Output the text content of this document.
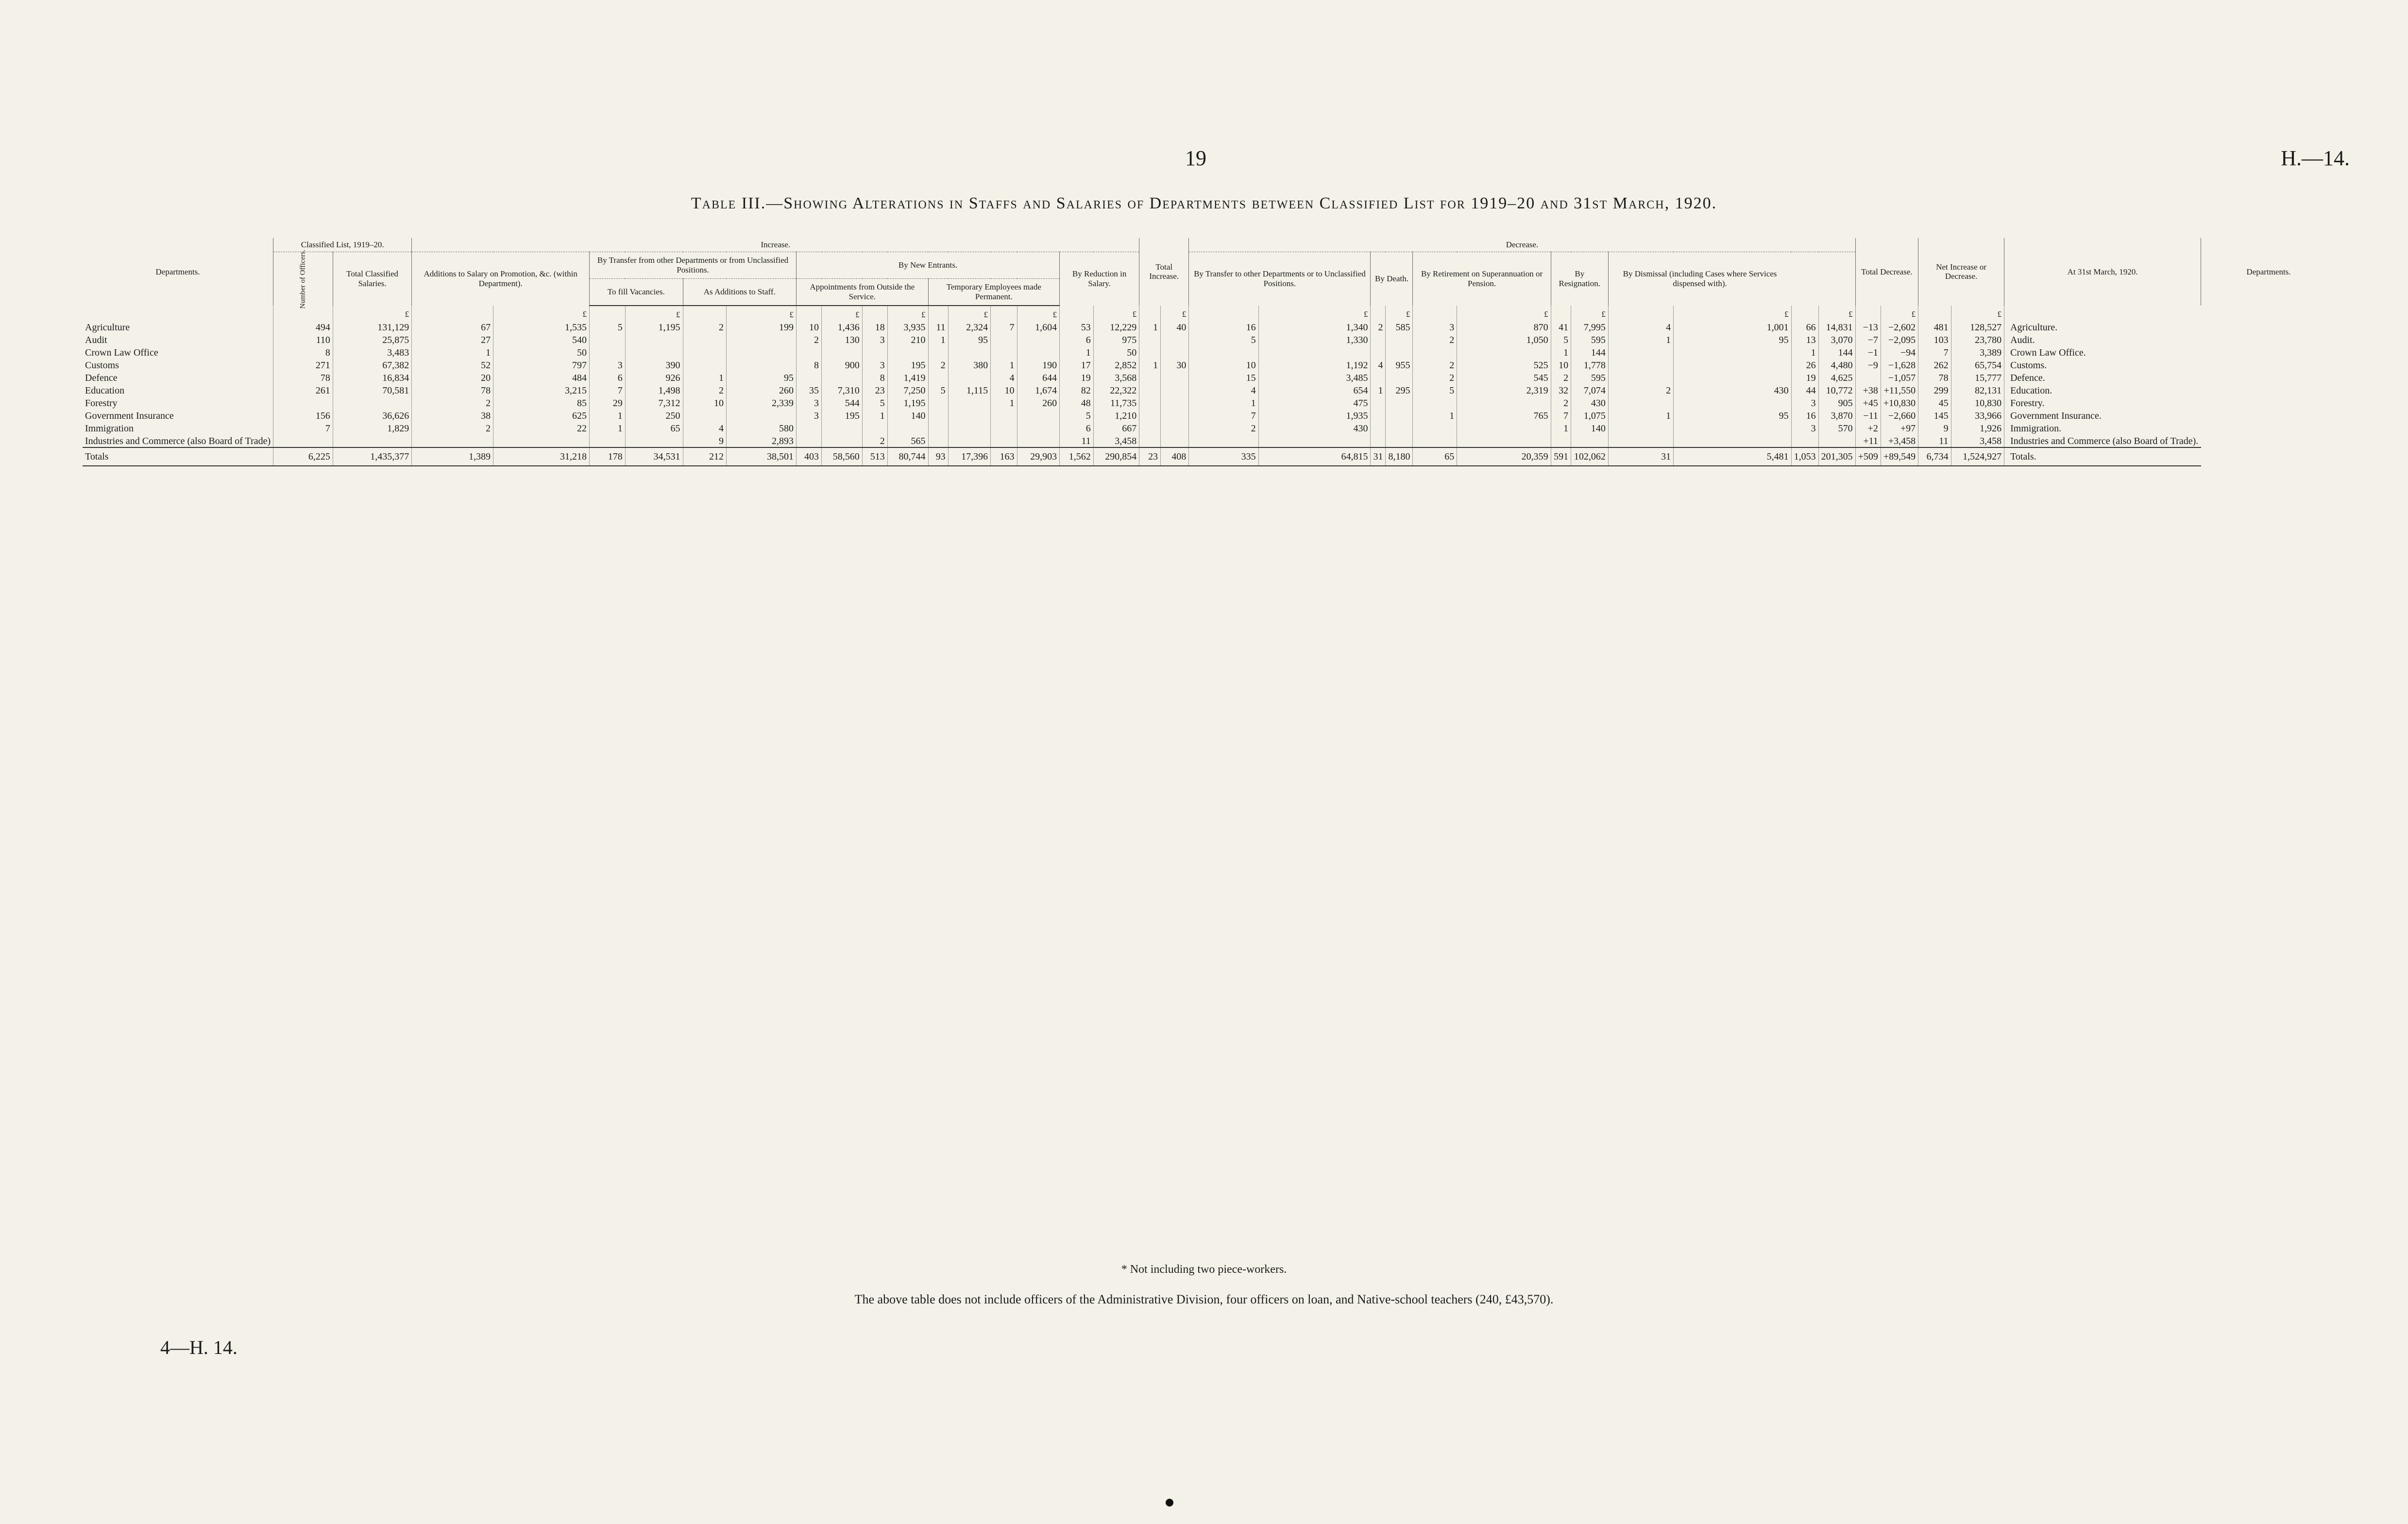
19	H.—14.
Table III.—Showing Alterations in Staffs and Salaries of Departments between Classified List for 1919–20 and 31st March, 1920.
Departments.	Classified List, 1919–20.		Increase.																Total Increase.		Decrease.												Total Decrease.		Net Increase or Decrease.		At 31st March, 1920.	Departments.
	Number of Officers.	Total Classified Salaries.	Additions to Salary on Promotion, &c. (within Department).		By Transfer from other Departments or from Unclassified Positions.				By New Entrants.								By Reduction in Salary.				By Transfer to other Departments or to Unclassified Positions.		By Death.		By Retirement on Superannuation or Pension.		By Resignation.		By Dismissal (including Cases where Services dispensed with).									
					To fill Vacancies.		As Additions to Staff.		Appointments from Outside the Service.				Temporary Employees made Permanent.																									
		£		£		£		£		£		£		£		£		£		£		£		£		£		£		£		£		£		£		
Agriculture	494	131,129	67	1,535	5	1,195	2	199	10	1,436	18	3,935	11	2,324	7	1,604	53	12,229	1	40	16	1,340	2	585	3	870	41	7,995	4	1,001	66	14,831	−13	−2,602	481	128,527	Agriculture.	
Audit	110	25,875	27	540					2	130	3	210	1	95			6	975			5	1,330			2	1,050	5	595	1	95	13	3,070	−7	−2,095	103	23,780	Audit.	
Crown Law Office	8	3,483	1	50													1	50									1	144			1	144	−1	−94	7	3,389	Crown Law Office.	
Customs	271	67,382	52	797	3	390			8	900	3	195	2	380	1	190	17	2,852	1	30	10	1,192	4	955	2	525	10	1,778			26	4,480	−9	−1,628	262	65,754	Customs.	
Defence	78	16,834	20	484	6	926	1	95			8	1,419			4	644	19	3,568			15	3,485			2	545	2	595			19	4,625		−1,057	78	15,777	Defence.	
Education	261	70,581	78	3,215	7	1,498	2	260	35	7,310	23	7,250	5	1,115	10	1,674	82	22,322			4	654	1	295	5	2,319	32	7,074	2	430	44	10,772	+38	+11,550	299	82,131	Education.	
Forestry			2	85	29	7,312	10	2,339	3	544	5	1,195			1	260	48	11,735			1	475					2	430			3	905	+45	+10,830	45	10,830	Forestry.	
Government Insurance	156	36,626	38	625	1	250			3	195	1	140					5	1,210			7	1,935			1	765	7	1,075	1	95	16	3,870	−11	−2,660	145	33,966	Government Insurance.	
Immigration	7	1,829	2	22	1	65	4	580									6	667			2	430					1	140			3	570	+2	+97	9	1,926	Immigration.	
Industries and Commerce (also Board of Trade)							9	2,893			2	565					11	3,458															+11	+3,458	11	3,458	Industries and Commerce (also Board of Trade).	

Totals	6,225	1,435,377	1,389	31,218	178	34,531	212	38,501	403	58,560	513	80,744	93	17,396	163	29,903	1,562	290,854	23	408	335	64,815	31	8,180	65	20,359	591	102,062	31	5,481	1,053	201,305	+509	+89,549	6,734	1,524,927	Totals.	
* Not including two piece-workers.
The above table does not include officers of the Administrative Division, four officers on loan, and Native-school teachers (240, £43,570).
4—H. 14.
